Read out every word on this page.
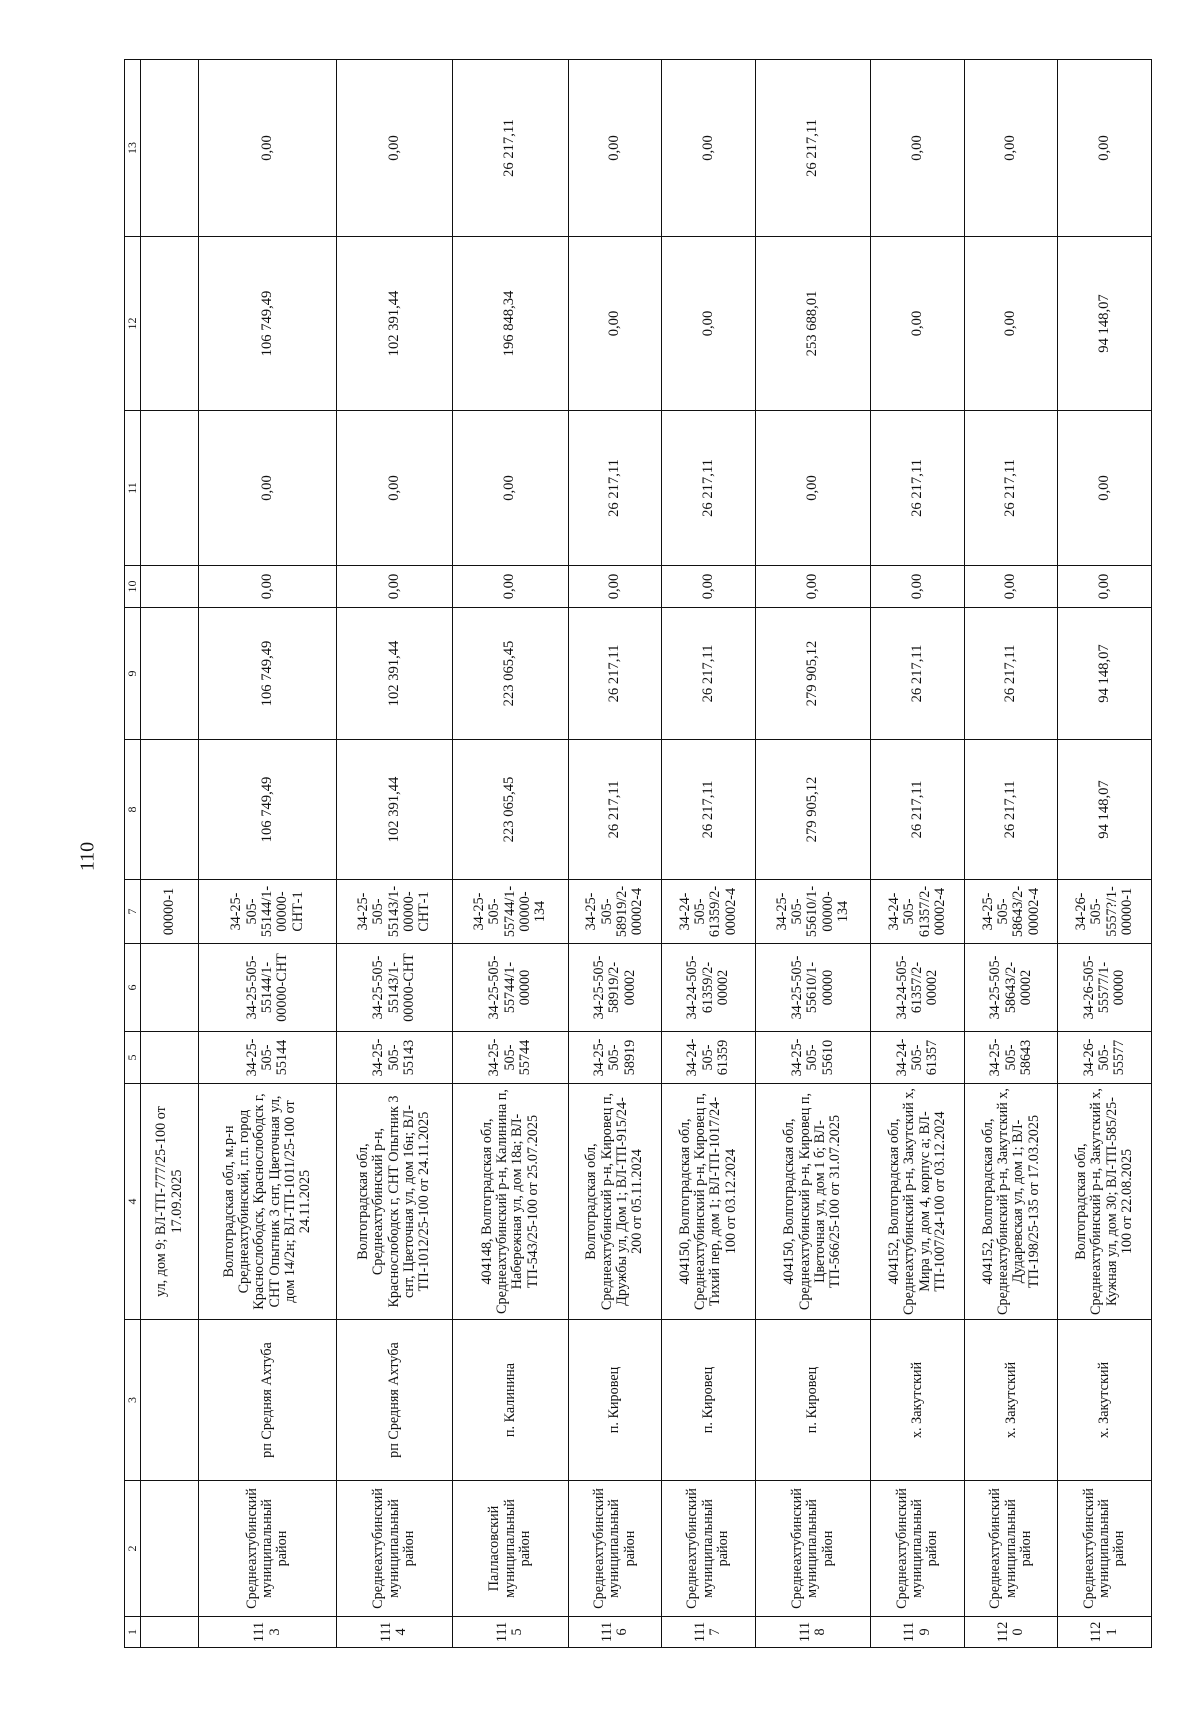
110
1	2	3	4	5	6	7	8	9	10	11	12	13
			ул, дом 9; ВЛ-ТП-777/25-100 от 17.09.2025			00000-1						
1113	Среднеахтубинский муниципальный район	рп Средняя Ахтуба	Волгоградская обл, м.р-н Среднеахтубинский, г.п. город Краснослободск, Краснослободск г, СНТ Опытник 3 снт, Цветочная ул, дом 14/2н; ВЛ-ТП-1011/25-100 от 24.11.2025	34-25-505-55144	34-25-505-55144/1-00000-СНТ	34-25-505-55144/1-00000-СНТ-1	106 749,49	106 749,49	0,00	0,00	106 749,49	0,00
1114	Среднеахтубинский муниципальный район	рп Средняя Ахтуба	Волгоградская обл, Среднеахтубинский р-н, Краснослободск г, СНТ Опытник 3 снт, Цветочная ул, дом 16н; ВЛ-ТП-1012/25-100 от 24.11.2025	34-25-505-55143	34-25-505-55143/1-00000-СНТ	34-25-505-55143/1-00000-СНТ-1	102 391,44	102 391,44	0,00	0,00	102 391,44	0,00
1115	Палласовский муниципальный район	п. Калинина	404148, Волгоградская обл, Среднеахтубинский р-н, Калинина п, Набережная ул, дом 18а; ВЛ-ТП-543/25-100 от 25.07.2025	34-25-505-55744	34-25-505-55744/1-00000	34-25-505-55744/1-00000-134	223 065,45	223 065,45	0,00	0,00	196 848,34	26 217,11
1116	Среднеахтубинский муниципальный район	п. Кировец	Волгоградская обл, Среднеахтубинский р-н, Кировец п, Дружбы ул, Дом 1; ВЛ-ТП-915/24-200 от 05.11.2024	34-25-505-58919	34-25-505-58919/2-00002	34-25-505-58919/2-00002-4	26 217,11	26 217,11	0,00	26 217,11	0,00	0,00
1117	Среднеахтубинский муниципальный район	п. Кировец	404150, Волгоградская обл, Среднеахтубинский р-н, Кировец п, Тихий пер, дом 1; ВЛ-ТП-1017/24-100 от 03.12.2024	34-24-505-61359	34-24-505-61359/2-00002	34-24-505-61359/2-00002-4	26 217,11	26 217,11	0,00	26 217,11	0,00	0,00
1118	Среднеахтубинский муниципальный район	п. Кировец	404150, Волгоградская обл, Среднеахтубинский р-н, Кировец п, Цветочная ул, дом 1 б; ВЛ-ТП-566/25-100 от 31.07.2025	34-25-505-55610	34-25-505-55610/1-00000	34-25-505-55610/1-00000-134	279 905,12	279 905,12	0,00	0,00	253 688,01	26 217,11
1119	Среднеахтубинский муниципальный район	х. Закутский	404152, Волгоградская обл, Среднеахтубинский р-н, Закутский х, Мира ул, дом 4, корпус а; ВЛ-ТП-1007/24-100 от 03.12.2024	34-24-505-61357	34-24-505-61357/2-00002	34-24-505-61357/2-00002-4	26 217,11	26 217,11	0,00	26 217,11	0,00	0,00
1120	Среднеахтубинский муниципальный район	х. Закутский	404152, Волгоградская обл, Среднеахтубинский р-н, Закутский х, Дударевская ул, дом 1; ВЛ-ТП-198/25-135 от 17.03.2025	34-25-505-58643	34-25-505-58643/2-00002	34-25-505-58643/2-00002-4	26 217,11	26 217,11	0,00	26 217,11	0,00	0,00
1121	Среднеахтубинский муниципальный район	х. Закутский	Волгоградская обл, Среднеахтубинский р-н, Закутский х, Кужная ул, дом 30; ВЛ-ТП-585/25-100 от 22.08.2025	34-26-505-55577	34-26-505-55577/1-00000	34-26-505-5557?/1-00000-1	94 148,07	94 148,07	0,00	0,00	94 148,07	0,00
